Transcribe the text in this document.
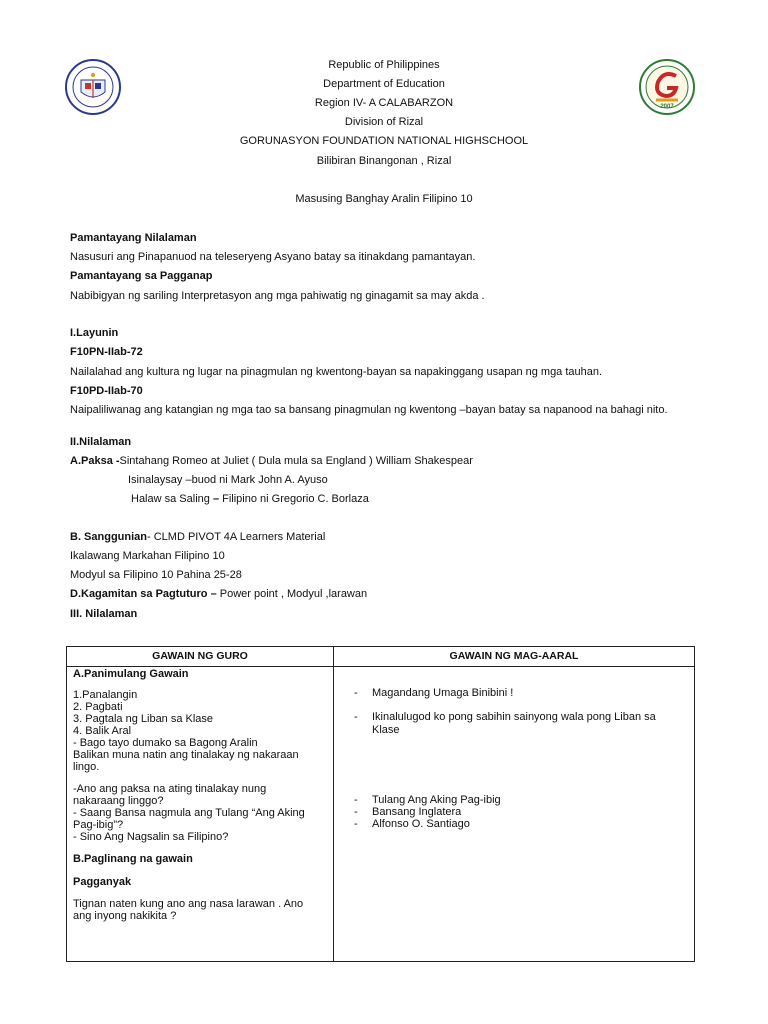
2007
Republic of Philippines
Department of Education
Region IV- A CALABARZON
Division of Rizal
GORUNASYON FOUNDATION NATIONAL HIGHSCHOOL
Bilibiran Binangonan , Rizal
Masusing Banghay Aralin Filipino 10
Pamantayang Nilalaman
Nasusuri ang Pinapanuod na teleseryeng Asyano batay sa itinakdang pamantayan.
Pamantayang sa Pagganap
Nabibigyan ng sariling Interpretasyon ang mga pahiwatig ng ginagamit sa may akda .
I.Layunin
F10PN-IIab-72
Nailalahad ang kultura ng lugar na pinagmulan ng kwentong-bayan sa napakinggang usapan ng mga tauhan.
F10PD-IIab-70
Naipaliliwanag ang katangian ng mga tao sa bansang pinagmulan ng kwentong –bayan batay sa napanood na bahagi nito.
II.Nilalaman
A.Paksa -Sintahang Romeo at Juliet ( Dula mula sa England ) William Shakespear
Isinalaysay –buod ni Mark John A. Ayuso
Halaw sa Saling – Filipino ni Gregorio C. Borlaza
B. Sanggunian- CLMD PIVOT 4A Learners Material
Ikalawang Markahan Filipino 10
Modyul sa Filipino 10 Pahina 25-28
D.Kagamitan sa Pagtuturo – Power point , Modyul ,larawan
III. Nilalaman
GAWAIN NG GURO	GAWAIN NG MAG-AARAL
A.Panimulang Gawain
1.Panalangin
2. Pagbati
3. Pagtala ng Liban sa Klase
4. Balik Aral
- Bago tayo dumako sa Bagong Aralin
Balikan muna natin ang tinalakay ng nakaraan
lingo.
-Ano ang paksa na ating tinalakay nung
nakaraang linggo?
- Saang Bansa nagmula ang Tulang “Ang Aking
Pag-ibig”?
- Sino Ang Nagsalin sa Filipino?
B.Paglinang na gawain
Pagganyak
Tignan naten kung ano ang nasa larawan . Ano
ang inyong nakikita ?
- Magandang Umaga Binibini !
- Ikinalulugod ko pong sabihin sainyong wala pong Liban sa
Klase
- Tulang Ang Aking Pag-ibig
- Bansang Inglatera
- Alfonso O. Santiago
